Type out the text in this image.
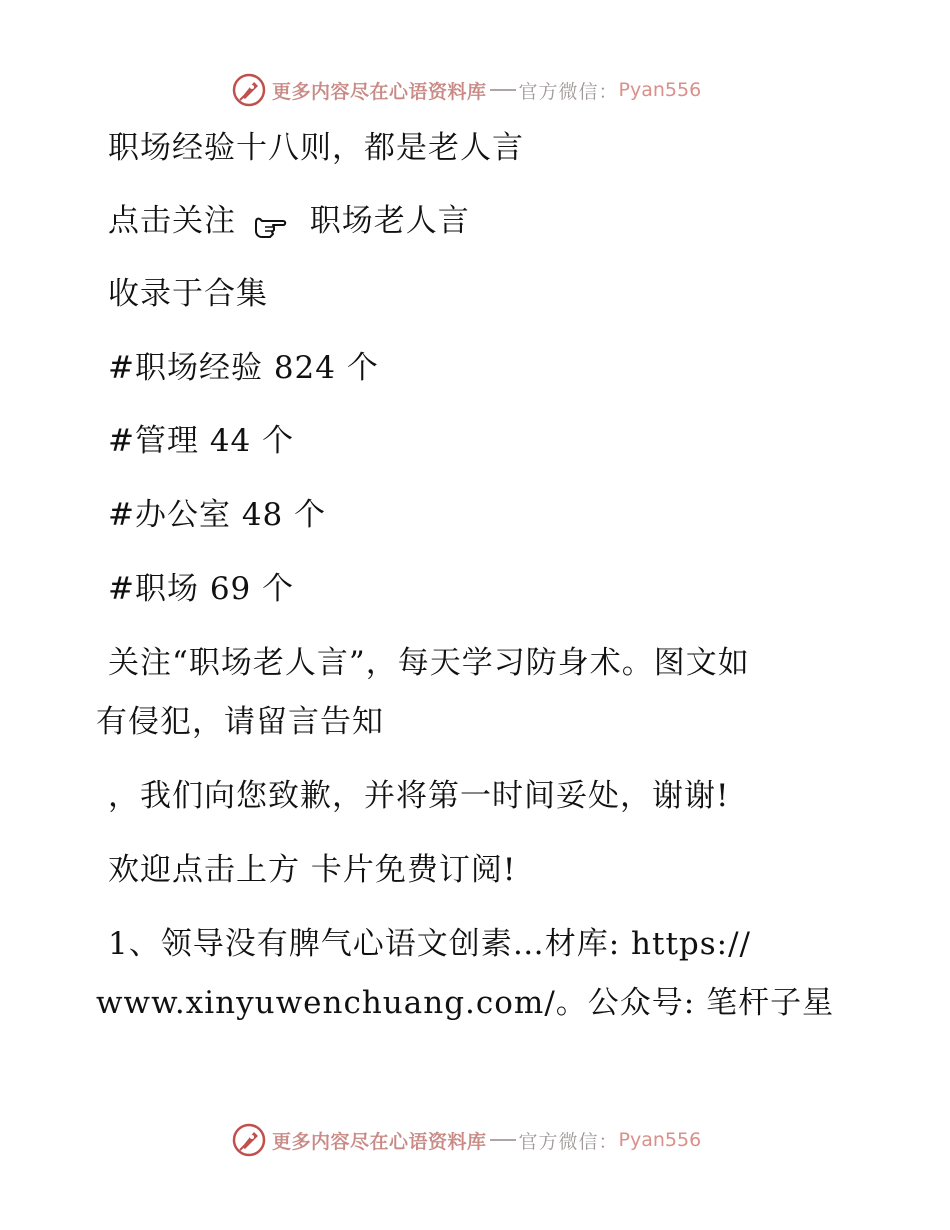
更多内容尽在心语资料库 官方微信： Pyan556
职场经验十八则，都是老人言
点击关注 职场老人言
收录于合集
#职场经验 824 个
#管理 44 个
#办公室 48 个
#职场 69 个
关注“职场老人言”，每天学习防身术。图文如
有侵犯，请留言告知
，我们向您致歉，并将第一时间妥处，谢谢!
欢迎点击上方 卡片免费订阅!
1、领导没有脾气心语文创素…材库: https://
www.xinyuwenchuang.com/。公众号: 笔杆子星
更多内容尽在心语资料库 官方微信： Pyan556
